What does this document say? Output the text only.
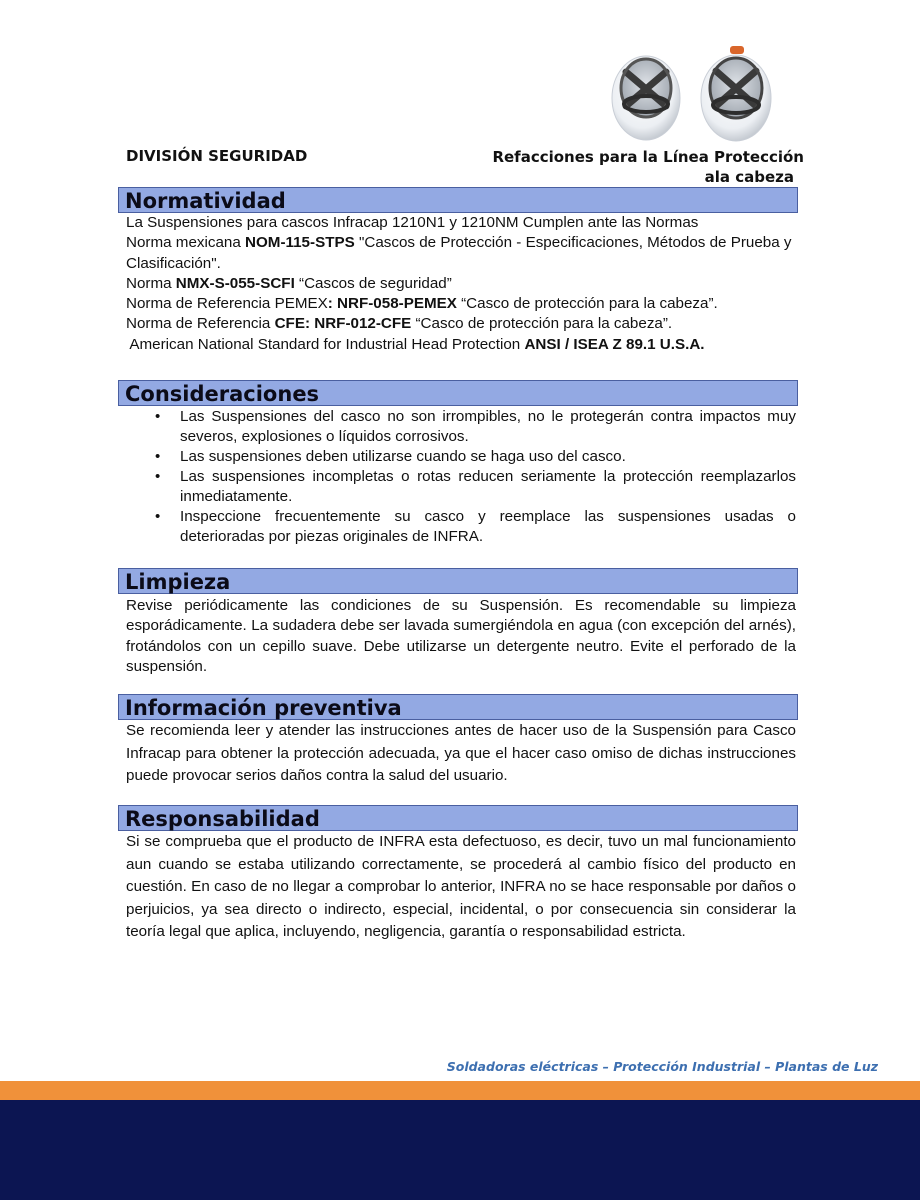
DIVISIÓN SEGURIDAD	Refacciones para la Línea Protección
ala cabeza
Normatividad

La Suspensiones para cascos Infracap 1210N1 y 1210NM Cumplen ante las Normas

Norma mexicana NOM-115-STPS "Cascos de Protección - Especificaciones, Métodos de Prueba y Clasificación".

Norma NMX-S-055-SCFI “Cascos de seguridad”

Norma de Referencia PEMEX: NRF-058-PEMEX “Casco de protección para la cabeza”.

Norma de Referencia CFE: NRF-012-CFE “Casco de protección para la cabeza”.

American National Standard for Industrial Head Protection ANSI / ISEA Z 89.1 U.S.A.

Consideraciones
• Las Suspensiones del casco no son irrompibles, no le protegerán contra impactos muy severos, explosiones o líquidos corrosivos.
• Las suspensiones deben utilizarse cuando se haga uso del casco.
• Las suspensiones incompletas o rotas reducen seriamente la protección reemplazarlos inmediatamente.
• Inspeccione frecuentemente su casco y reemplace las suspensiones usadas o deterioradas por piezas originales de INFRA.
Limpieza
Revise periódicamente las condiciones de su Suspensión. Es recomendable su limpieza esporádicamente. La sudadera debe ser lavada sumergiéndola en agua (con excepción del arnés), frotándolos con un cepillo suave. Debe utilizarse un detergente neutro. Evite el perforado de la suspensión.
Información preventiva
Se recomienda leer y atender las instrucciones antes de hacer uso de la Suspensión para Casco Infracap para obtener la protección adecuada, ya que el hacer caso omiso de dichas instrucciones puede provocar serios daños contra la salud del usuario.
Responsabilidad
Si se comprueba que el producto de INFRA esta defectuoso, es decir, tuvo un mal funcionamiento aun cuando se estaba utilizando correctamente, se procederá al cambio físico del producto en cuestión. En caso de no llegar a comprobar lo anterior, INFRA no se hace responsable por daños o perjuicios, ya sea directo o indirecto, especial, incidental, o por consecuencia sin considerar la teoría legal que aplica, incluyendo, negligencia, garantía o responsabilidad estricta.
Soldadoras eléctricas – Protección Industrial – Plantas de Luz
